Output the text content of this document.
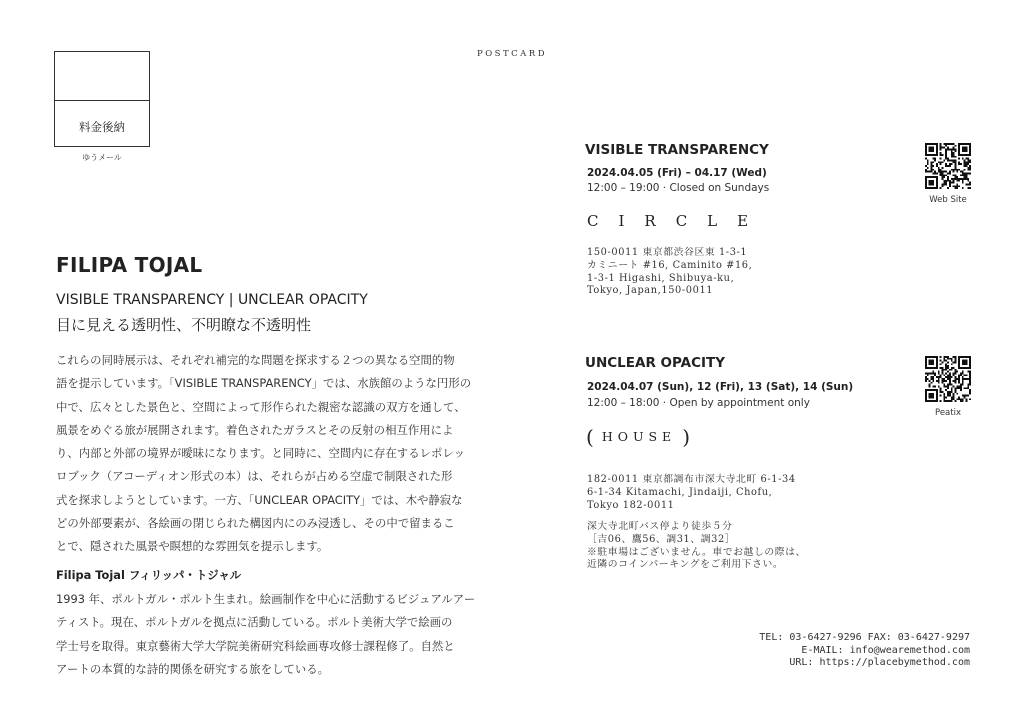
POSTCARD
料金後納
ゆうメール
FILIPA TOJAL
VISIBLE TRANSPARENCY | UNCLEAR OPACITY
目に見える透明性、不明瞭な不透明性
これらの同時展示は、それぞれ補完的な問題を探求する２つの異なる空間的物
語を提示しています。「VISIBLE TRANSPARENCY」では、水族館のような円形の
中で、広々とした景色と、空間によって形作られた親密な認識の双方を通して、
風景をめぐる旅が展開されます。着色されたガラスとその反射の相互作用によ
り、内部と外部の境界が曖昧になります。と同時に、空間内に存在するレポレッ
ロブック（アコーディオン形式の本）は、それらが占める空虚で制限された形
式を探求しようとしています。一方、「UNCLEAR OPACITY」では、木や静寂な
どの外部要素が、各絵画の閉じられた構図内にのみ浸透し、その中で留まるこ
とで、隠された風景や瞑想的な雰囲気を提示します。
Filipa Tojal フィリッパ・トジャル
1993 年、ポルトガル・ポルト生まれ。絵画制作を中心に活動するビジュアルアー
ティスト。現在、ポルトガルを拠点に活動している。ポルト美術大学で絵画の
学士号を取得。東京藝術大学大学院美術研究科絵画専攻修士課程修了。自然と
アートの本質的な詩的関係を研究する旅をしている。
VISIBLE TRANSPARENCY
2024.04.05 (Fri) – 04.17 (Wed)
12:00 – 19:00 · Closed on Sundays
CIRCLE
150-0011 東京都渋谷区東 1-3-1
カミニート #16, Caminito #16,
1-3-1 Higashi, Shibuya-ku,
Tokyo, Japan,150-0011
Web Site
UNCLEAR OPACITY
2024.04.07 (Sun), 12 (Fri), 13 (Sat), 14 (Sun)
12:00 – 18:00 · Open by appointment only
( HOUSE )
182-0011 東京都調布市深大寺北町 6-1-34
6-1-34 Kitamachi, Jindaiji, Chofu,
Tokyo 182-0011
深大寺北町バス停より徒歩５分
［吉06、鷹56、調31、調32］
※駐車場はございません。車でお越しの際は、
近隣のコインパーキングをご利用下さい。
Peatix
TEL: 03-6427-9296 FAX: 03-6427-9297
E-MAIL: info@wearemethod.com
URL: https://placebymethod.com
